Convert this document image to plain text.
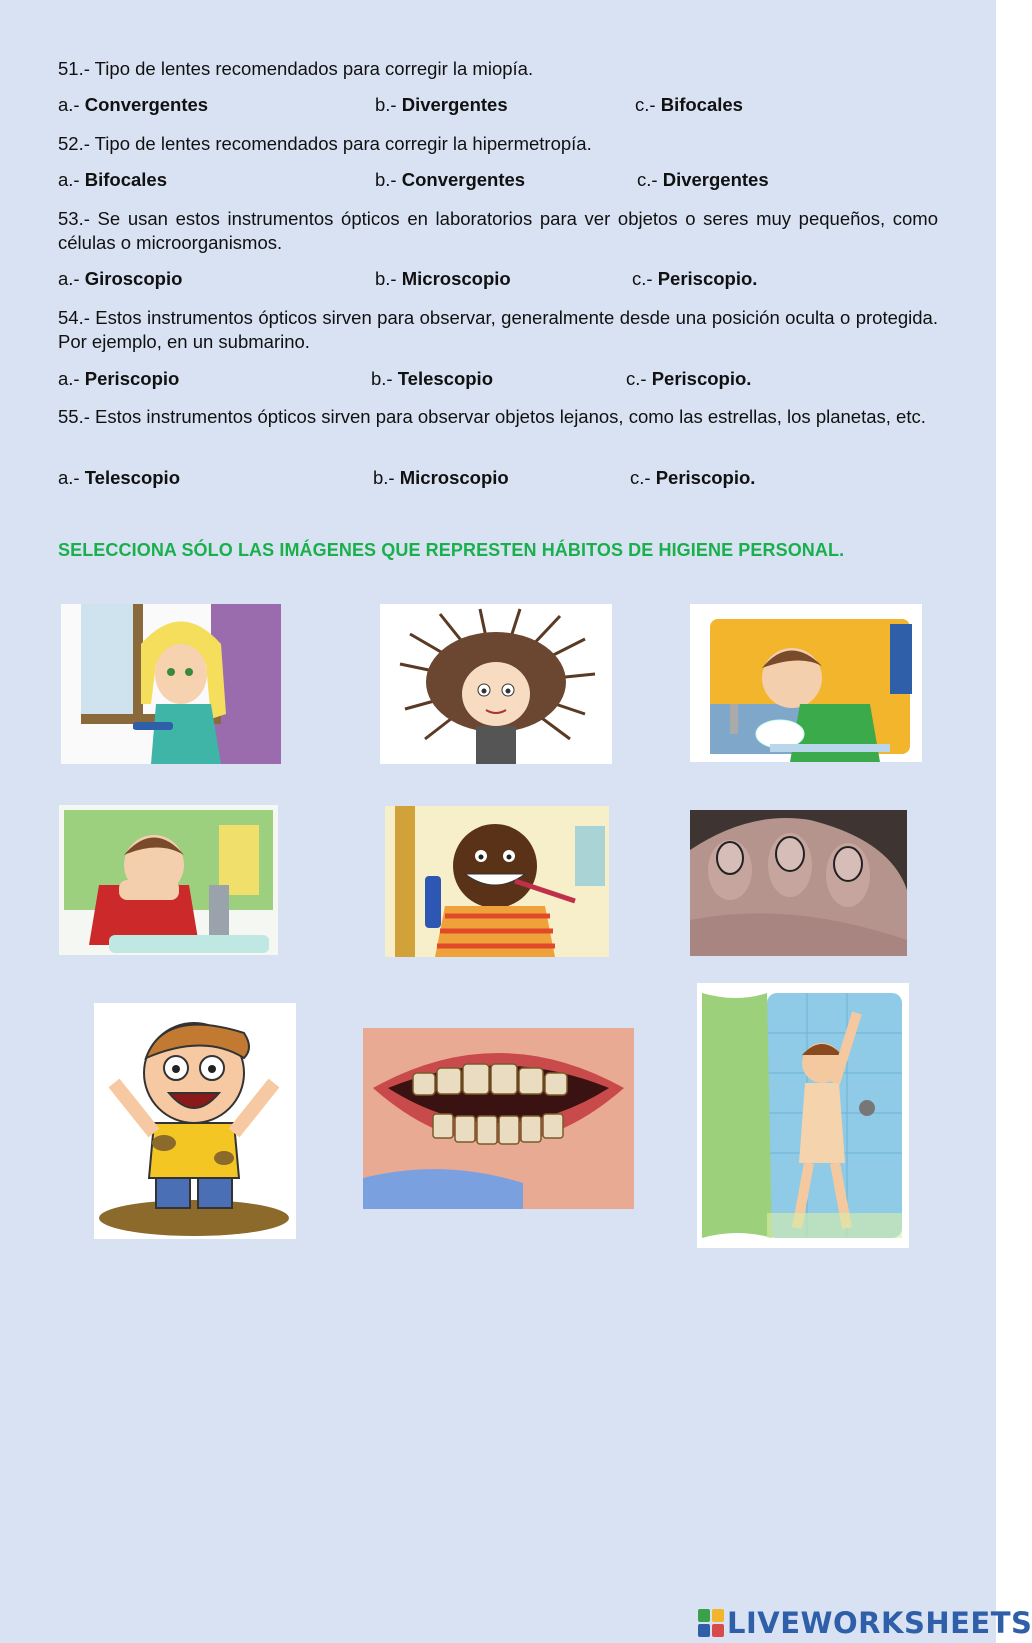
51.- Tipo de lentes recomendados para corregir la miopía.
a.- Convergentes	b.- Divergentes	c.- Bifocales
52.- Tipo de lentes recomendados para corregir la hipermetropía.
a.- Bifocales	b.- Convergentes	c.- Divergentes
53.- Se usan estos instrumentos ópticos en laboratorios para ver objetos o seres muy pequeños, como células o microorganismos.
a.- Giroscopio	b.- Microscopio	c.- Periscopio.
54.- Estos instrumentos ópticos sirven para observar, generalmente desde una posición oculta o protegida. Por ejemplo, en un submarino.
a.- Periscopio	b.- Telescopio	c.- Periscopio.
55.- Estos instrumentos ópticos sirven para observar objetos lejanos, como las estrellas, los planetas, etc.
a.- Telescopio	b.- Microscopio	c.- Periscopio.
SELECCIONA SÓLO LAS IMÁGENES QUE REPRESTEN HÁBITOS DE HIGIENE PERSONAL.
LIVEWORKSHEETS
